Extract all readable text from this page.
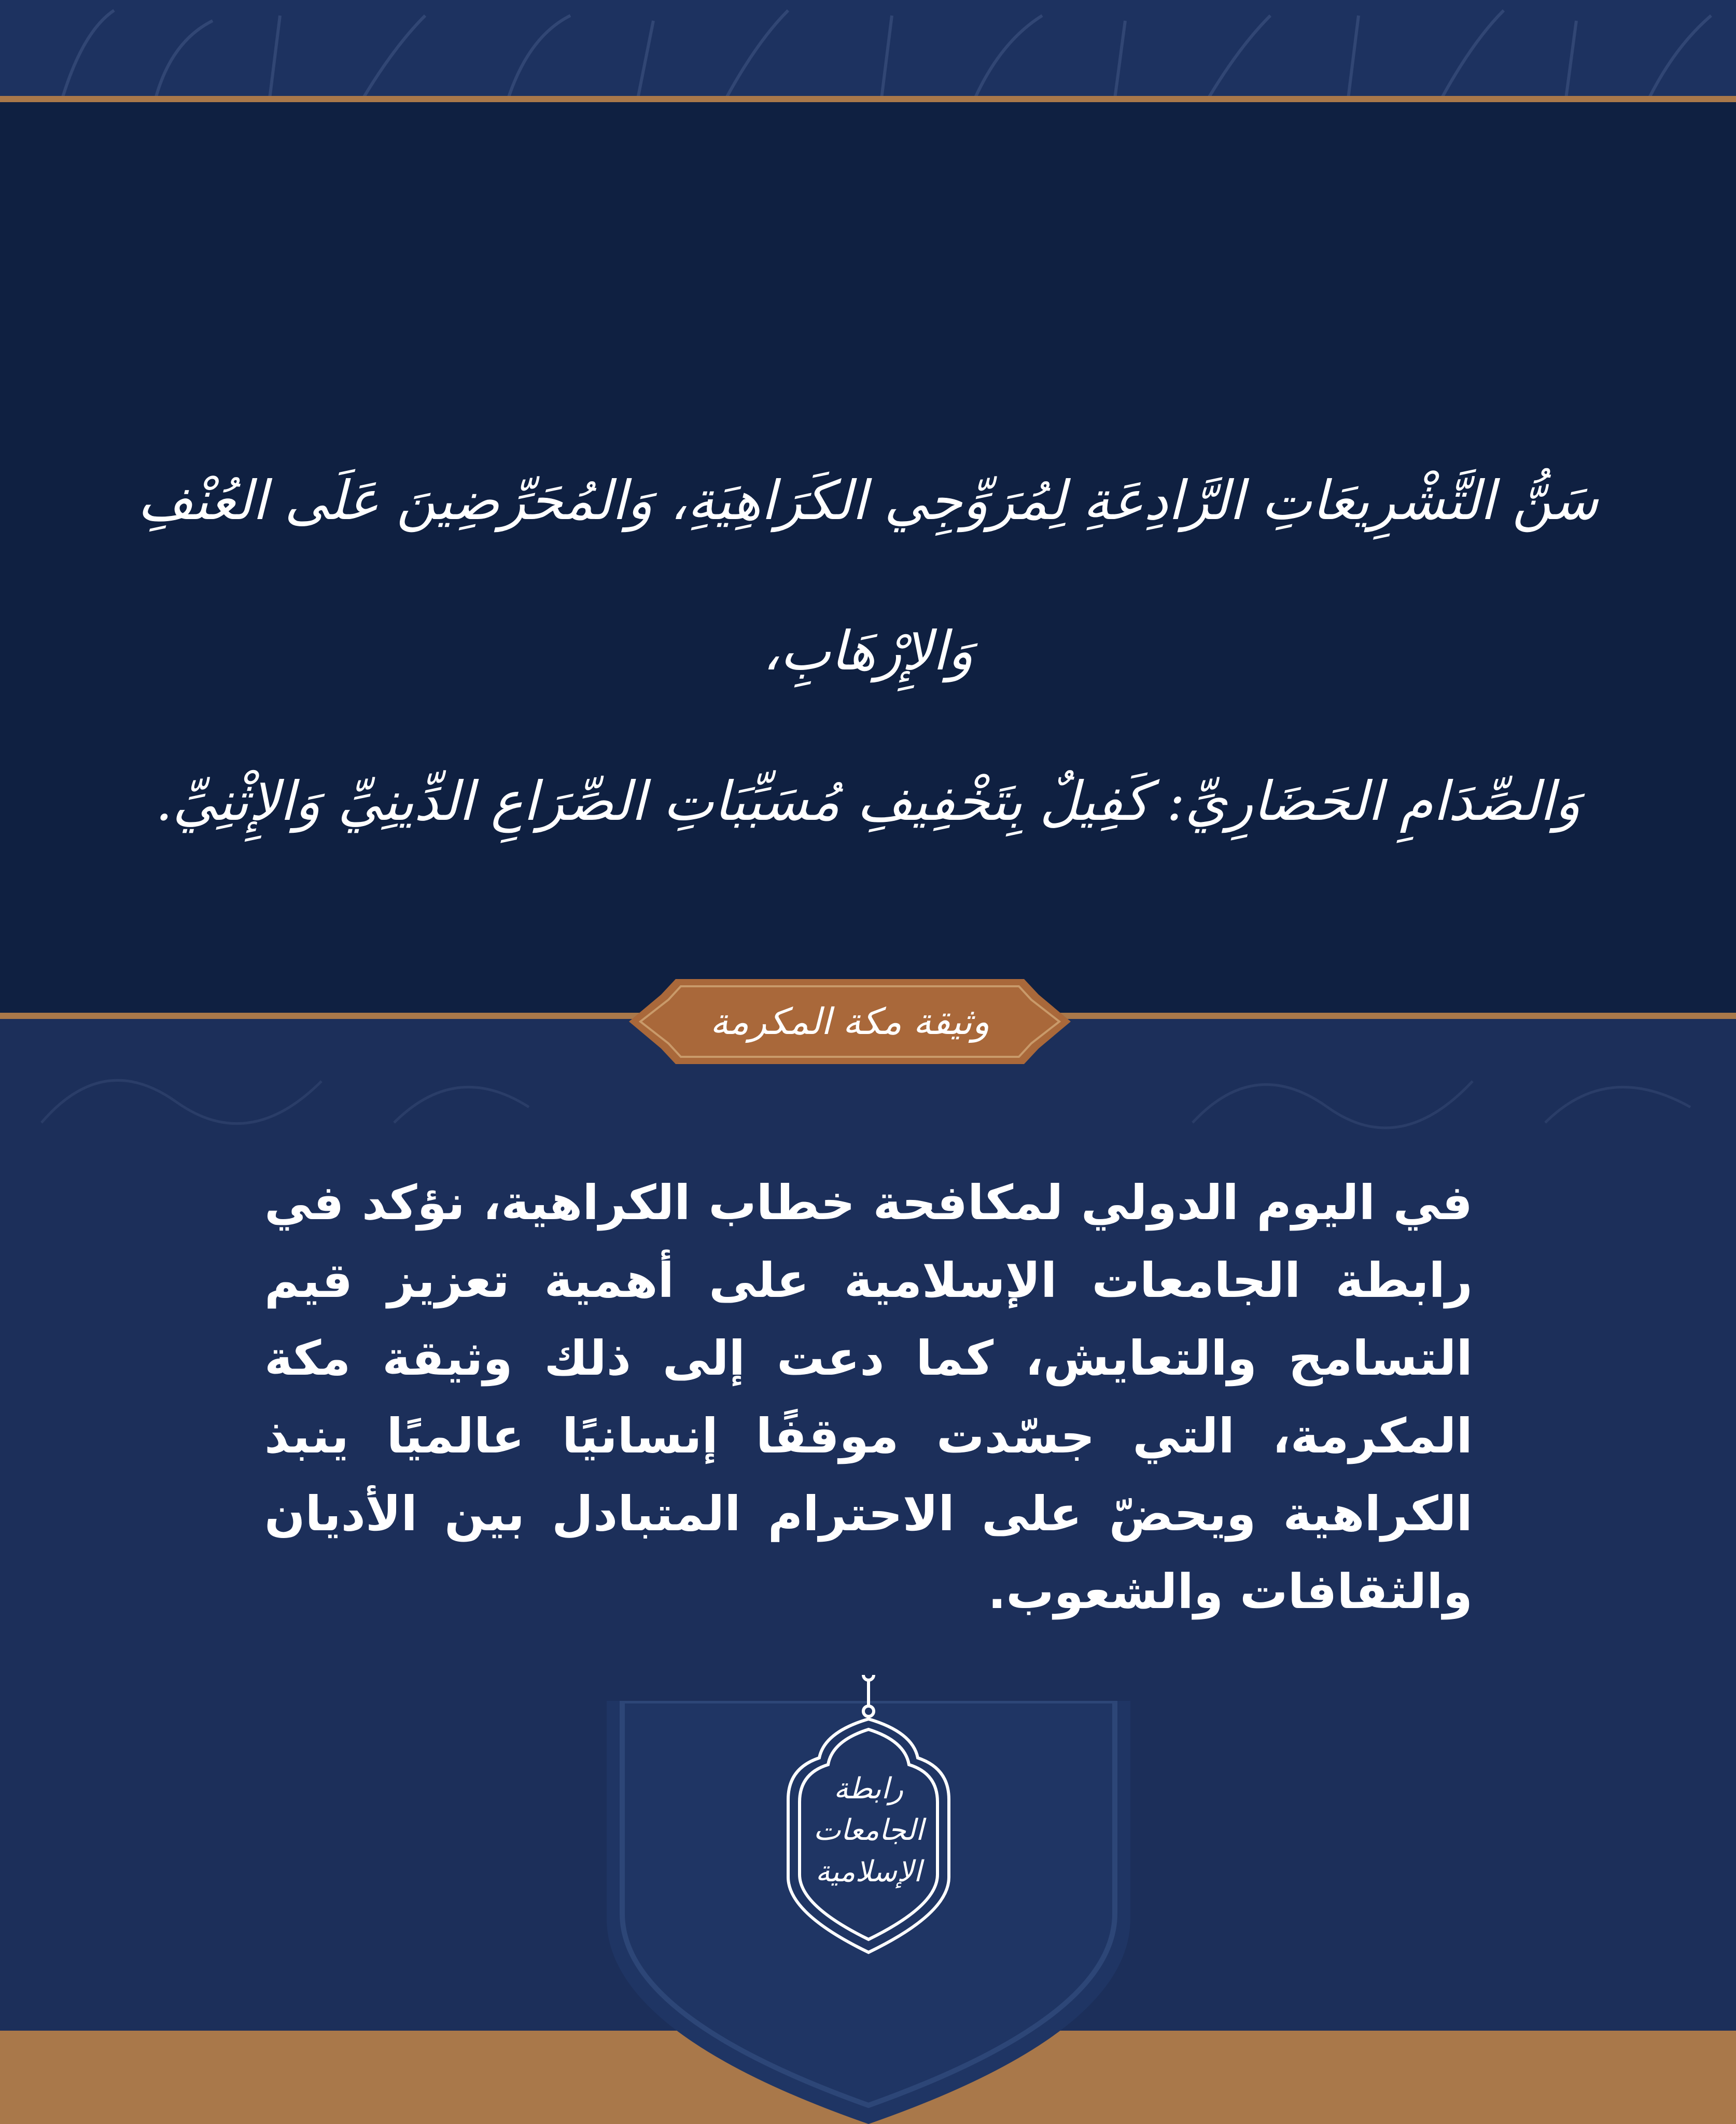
سَنُّ التَّشْرِيعَاتِ الرَّادِعَةِ لِمُرَوِّجِي الكَرَاهِيَةِ، وَالمُحَرِّضِينَ عَلَى العُنْفِ وَالإِرْهَابِ،
وَالصِّدَامِ الحَضَارِيِّ: كَفِيلٌ بِتَخْفِيفِ مُسَبِّبَاتِ الصِّرَاعِ الدِّينِيِّ وَالإِثْنِيِّ.
وثيقة مكة المكرمة
في اليوم الدولي لمكافحة خطاب الكراهية، نؤكد في رابطة الجامعات الإسلامية على أهمية تعزيز قيم التسامح والتعايش، كما دعت إلى ذلك وثيقة مكة المكرمة، التي جسّدت موقفًا إنسانيًا عالميًا ينبذ الكراهية ويحضّ على الاحترام المتبادل بين الأديان والثقافات والشعوب.
رابطة
الجامعات
الإسلامية
